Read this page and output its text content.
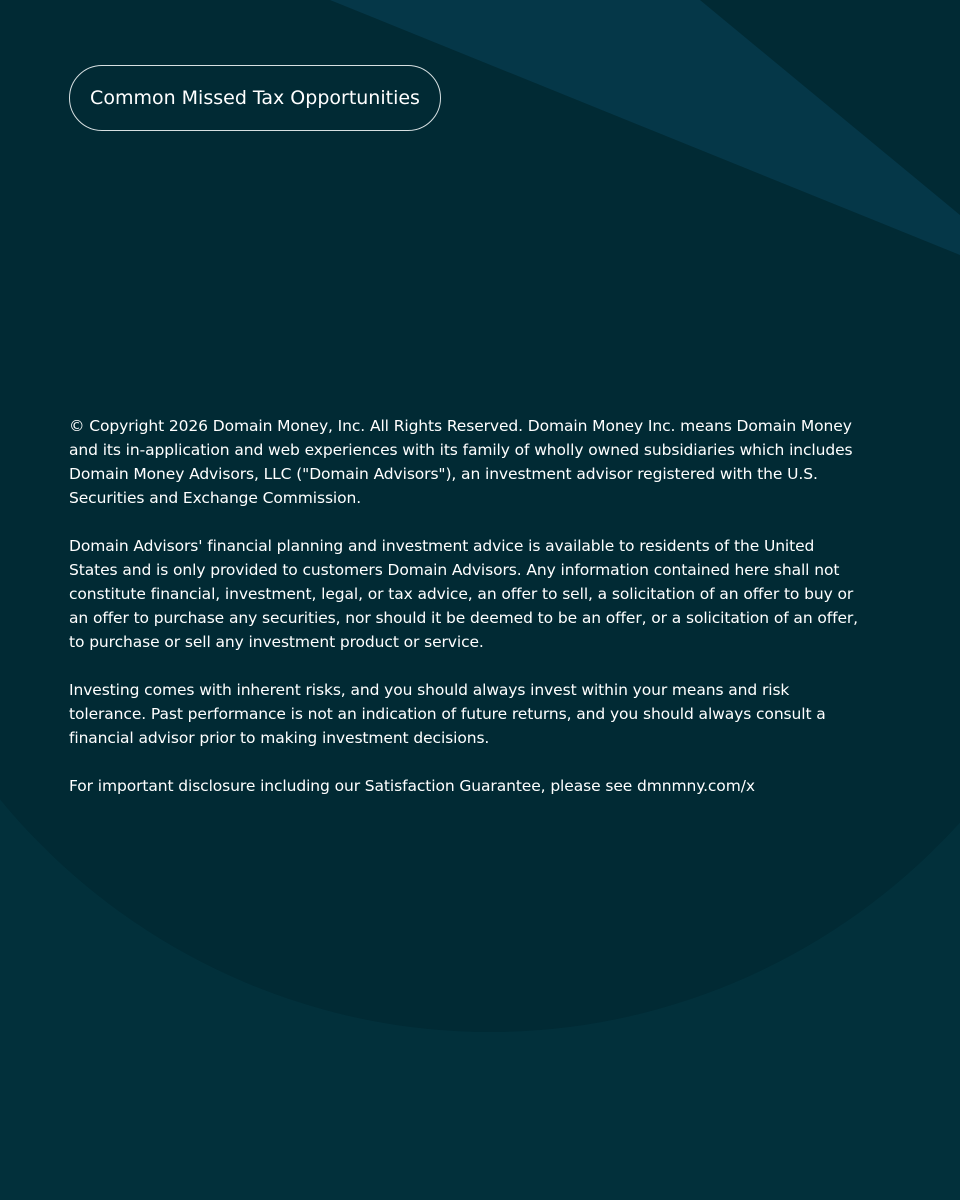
Common Missed Tax Opportunities

© Copyright 2026 Domain Money, Inc. All Rights Reserved. Domain Money Inc. means Domain Money and its in-application and web experiences with its family of wholly owned subsidiaries which includes Domain Money Advisors, LLC ("Domain Advisors"), an investment advisor registered with the U.S. Securities and Exchange Commission.

Domain Advisors' financial planning and investment advice is available to residents of the United States and is only provided to customers Domain Advisors. Any information contained here shall not constitute financial, investment, legal, or tax advice, an offer to sell, a solicitation of an offer to buy or an offer to purchase any securities, nor should it be deemed to be an offer, or a solicitation of an offer, to purchase or sell any investment product or service.

Investing comes with inherent risks, and you should always invest within your means and risk tolerance. Past performance is not an indication of future returns, and you should always consult a financial advisor prior to making investment decisions.

For important disclosure including our Satisfaction Guarantee, please see dmnmny.com/x
